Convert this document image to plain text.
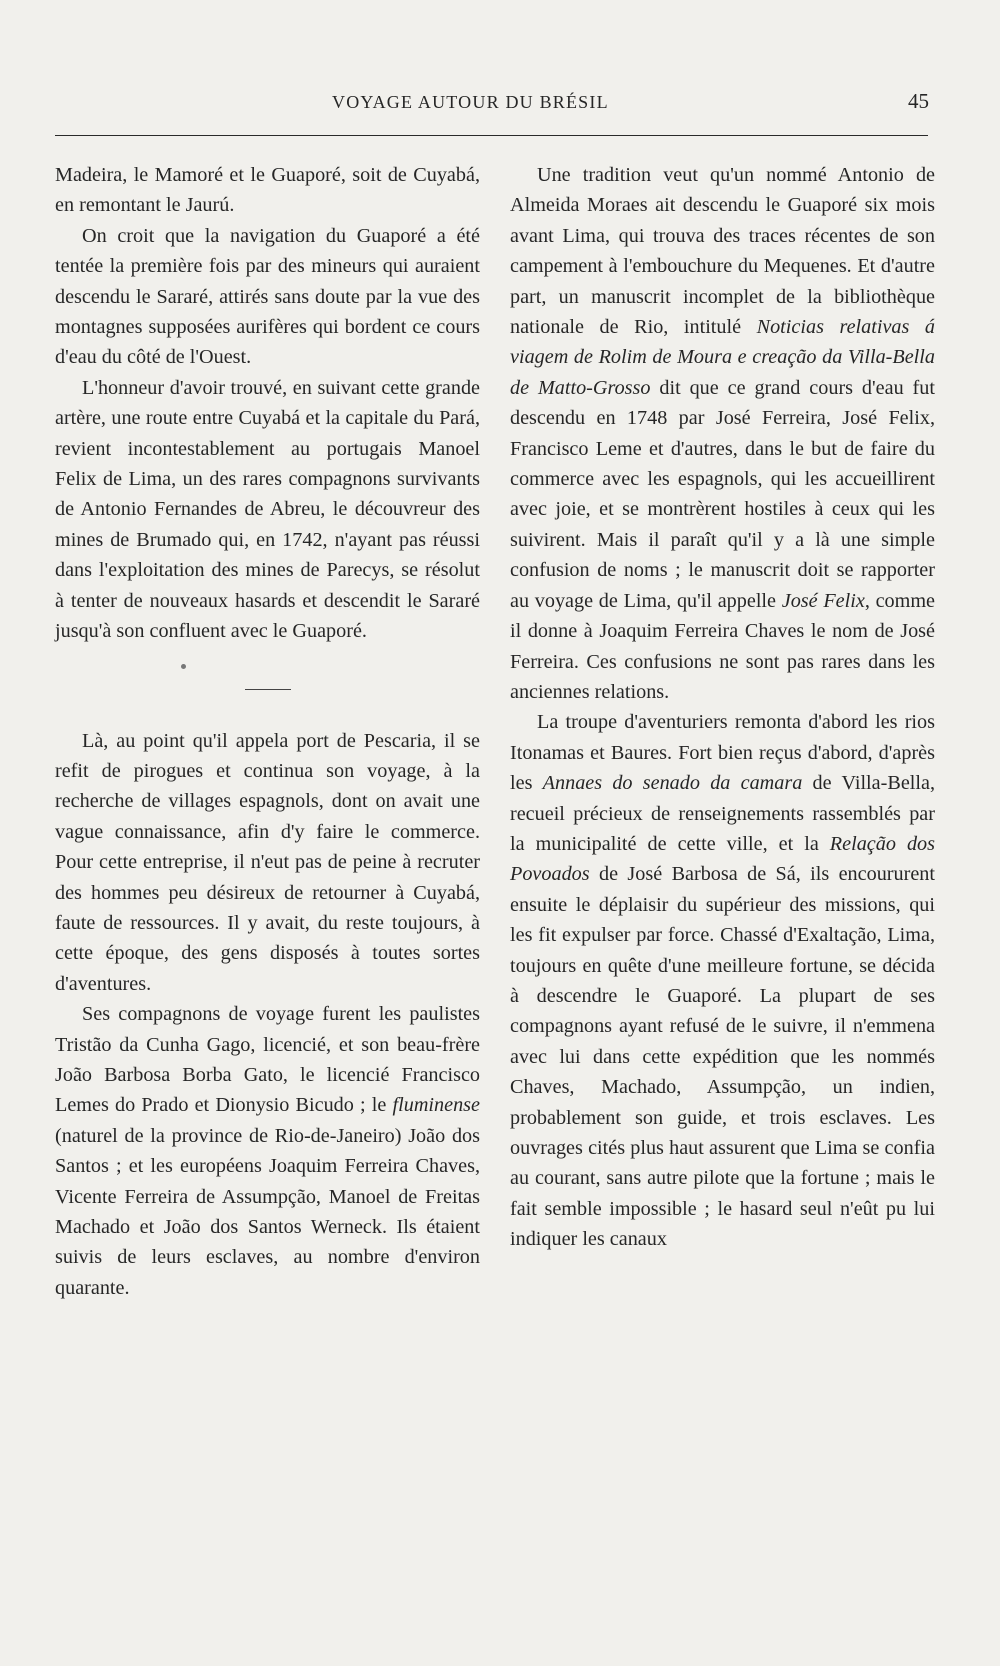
VOYAGE AUTOUR DU BRÉSIL	45

Madeira, le Mamoré et le Guaporé, soit de Cuyabá, en remontant le Jaurú.

On croit que la navigation du Guaporé a été tentée la première fois par des mineurs qui auraient descendu le Sararé, attirés sans doute par la vue des montagnes supposées aurifères qui bordent ce cours d'eau du côté de l'Ouest.

L'honneur d'avoir trouvé, en suivant cette grande artère, une route entre Cuyabá et la capitale du Pará, revient incontestablement au portugais Manoel Felix de Lima, un des rares compagnons survivants de Antonio Fernandes de Abreu, le découvreur des mines de Brumado qui, en 1742, n'ayant pas réussi dans l'exploitation des mines de Parecys, se résolut à tenter de nouveaux hasards et descendit le Sararé jusqu'à son confluent avec le Guaporé.

Là, au point qu'il appela port de Pescaria, il se refit de pirogues et continua son voyage, à la recherche de villages espagnols, dont on avait une vague connaissance, afin d'y faire le commerce. Pour cette entreprise, il n'eut pas de peine à recruter des hommes peu désireux de retourner à Cuyabá, faute de ressources. Il y avait, du reste toujours, à cette époque, des gens disposés à toutes sortes d'aventures.

Ses compagnons de voyage furent les paulistes Tristão da Cunha Gago, licencié, et son beau-frère João Barbosa Borba Gato, le licencié Francisco Lemes do Prado et Dionysio Bicudo ; le fluminense (naturel de la province de Rio-de-Janeiro) João dos Santos ; et les européens Joaquim Ferreira Chaves, Vicente Ferreira de Assumpção, Manoel de Freitas Machado et João dos Santos Werneck. Ils étaient suivis de leurs esclaves, au nombre d'environ quarante.

Une tradition veut qu'un nommé Antonio de Almeida Moraes ait descendu le Guaporé six mois avant Lima, qui trouva des traces récentes de son campement à l'embouchure du Mequenes. Et d'autre part, un manuscrit incomplet de la bibliothèque nationale de Rio, intitulé Noticias relativas á viagem de Rolim de Moura e creação da Villa-Bella de Matto-Grosso dit que ce grand cours d'eau fut descendu en 1748 par José Ferreira, José Felix, Francisco Leme et d'autres, dans le but de faire du commerce avec les espagnols, qui les accueillirent avec joie, et se montrèrent hostiles à ceux qui les suivirent. Mais il paraît qu'il y a là une simple confusion de noms ; le manuscrit doit se rapporter au voyage de Lima, qu'il appelle José Felix, comme il donne à Joaquim Ferreira Chaves le nom de José Ferreira. Ces confusions ne sont pas rares dans les anciennes relations.

La troupe d'aventuriers remonta d'abord les rios Itonamas et Baures. Fort bien reçus d'abord, d'après les Annaes do senado da camara de Villa-Bella, recueil précieux de renseignements rassemblés par la municipalité de cette ville, et la Relação dos Povoados de José Barbosa de Sá, ils encoururent ensuite le déplaisir du supérieur des missions, qui les fit expulser par force. Chassé d'Exaltação, Lima, toujours en quête d'une meilleure fortune, se décida à descendre le Guaporé. La plupart de ses compagnons ayant refusé de le suivre, il n'emmena avec lui dans cette expédition que les nommés Chaves, Machado, Assumpção, un indien, probablement son guide, et trois esclaves. Les ouvrages cités plus haut assurent que Lima se confia au courant, sans autre pilote que la fortune ; mais le fait semble impossible ; le hasard seul n'eût pu lui indiquer les canaux
